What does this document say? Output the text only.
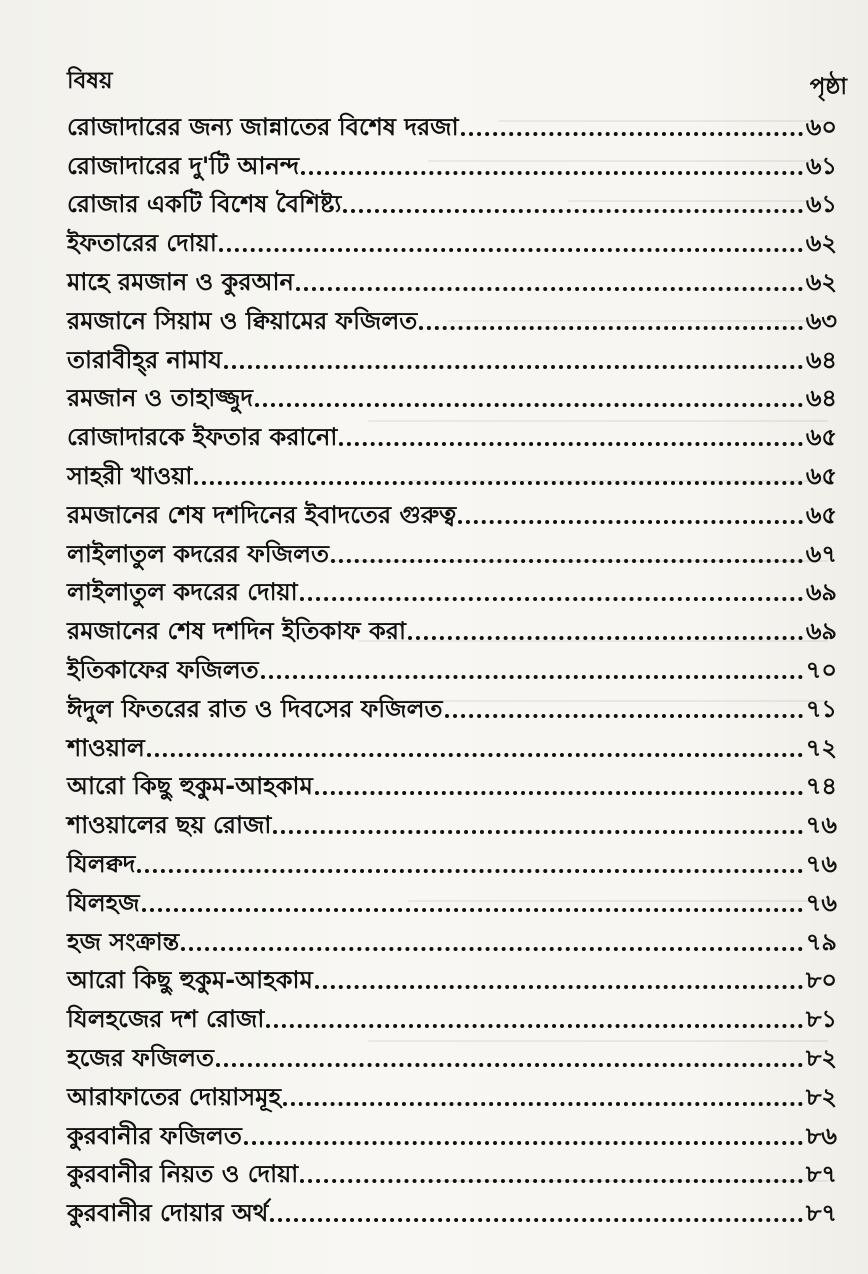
বিষয়	পৃষ্ঠা
রোজাদারের জন্য জান্নাতের বিশেষ দরজা	৬০
রোজাদারের দু'টি আনন্দ	৬১
রোজার একটি বিশেষ বৈশিষ্ট্য	৬১
ইফতারের দোয়া	৬২
মাহে রমজান ও কুরআন	৬২
রমজানে সিয়াম ও ক্বিয়ামের ফজিলত	৬৩
তারাবীহ্‌র নামায	৬৪
রমজান ও তাহাজ্জুদ	৬৪
রোজাদারকে ইফতার করানো	৬৫
সাহরী খাওয়া	৬৫
রমজানের শেষ দশদিনের ইবাদতের গুরুত্ব	৬৫
লাইলাতুল কদরের ফজিলত	৬৭
লাইলাতুল কদরের দোয়া	৬৯
রমজানের শেষ দশদিন ইতিকাফ করা	৬৯
ইতিকাফের ফজিলত	৭০
ঈদুল ফিতরের রাত ও দিবসের ফজিলত	৭১
শাওয়াল	৭২
আরো কিছু হুকুম-আহকাম	৭৪
শাওয়ালের ছয় রোজা	৭৬
যিলক্বদ	৭৬
যিলহজ	৭৬
হজ সংক্রান্ত	৭৯
আরো কিছু হুকুম-আহকাম	৮০
যিলহজের দশ রোজা	৮১
হজের ফজিলত	৮২
আরাফাতের দোয়াসমূহ	৮২
কুরবানীর ফজিলত	৮৬
কুরবানীর নিয়ত ও দোয়া	৮৭
কুরবানীর দোয়ার অর্থ	৮৭
